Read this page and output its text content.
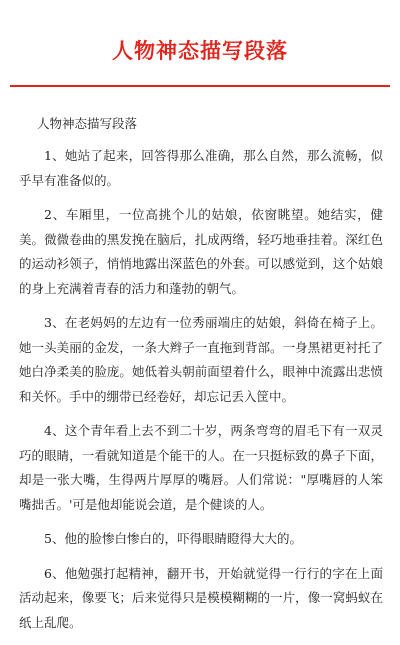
人物神态描写段落
人物神态描写段落

1、她站了起来，回答得那么准确，那么自然，那么流畅，似乎早有准备似的。

2、车厢里，一位高挑个儿的姑娘，依窗眺望。她结实，健美。微微卷曲的黑发挽在脑后，扎成两绺，轻巧地垂挂着。深红色的运动衫领子，悄悄地露出深蓝色的外套。可以感觉到，这个姑娘的身上充满着青春的活力和蓬勃的朝气。

3、在老妈妈的左边有一位秀丽端庄的姑娘，斜倚在椅子上。她一头美丽的金发，一条大辫子一直拖到背部。一身黑裙更衬托了她白净柔美的脸庞。她低着头朝前面望着什么，眼神中流露出悲愤和关怀。手中的绷带已经卷好，却忘记丢入筐中。

4、这个青年看上去不到二十岁，两条弯弯的眉毛下有一双灵巧的眼睛，一看就知道是个能干的人。在一只挺标致的鼻子下面，却是一张大嘴，生得两片厚厚的嘴唇。人们常说："厚嘴唇的人笨嘴拙舌。'可是他却能说会道，是个健谈的人。

5、他的脸惨白惨白的，吓得眼睛瞪得大大的。

6、他勉强打起精神，翻开书，开始就觉得一行行的字在上面活动起来，像要飞；后来觉得只是模模糊糊的一片，像一窝蚂蚁在纸上乱爬。
